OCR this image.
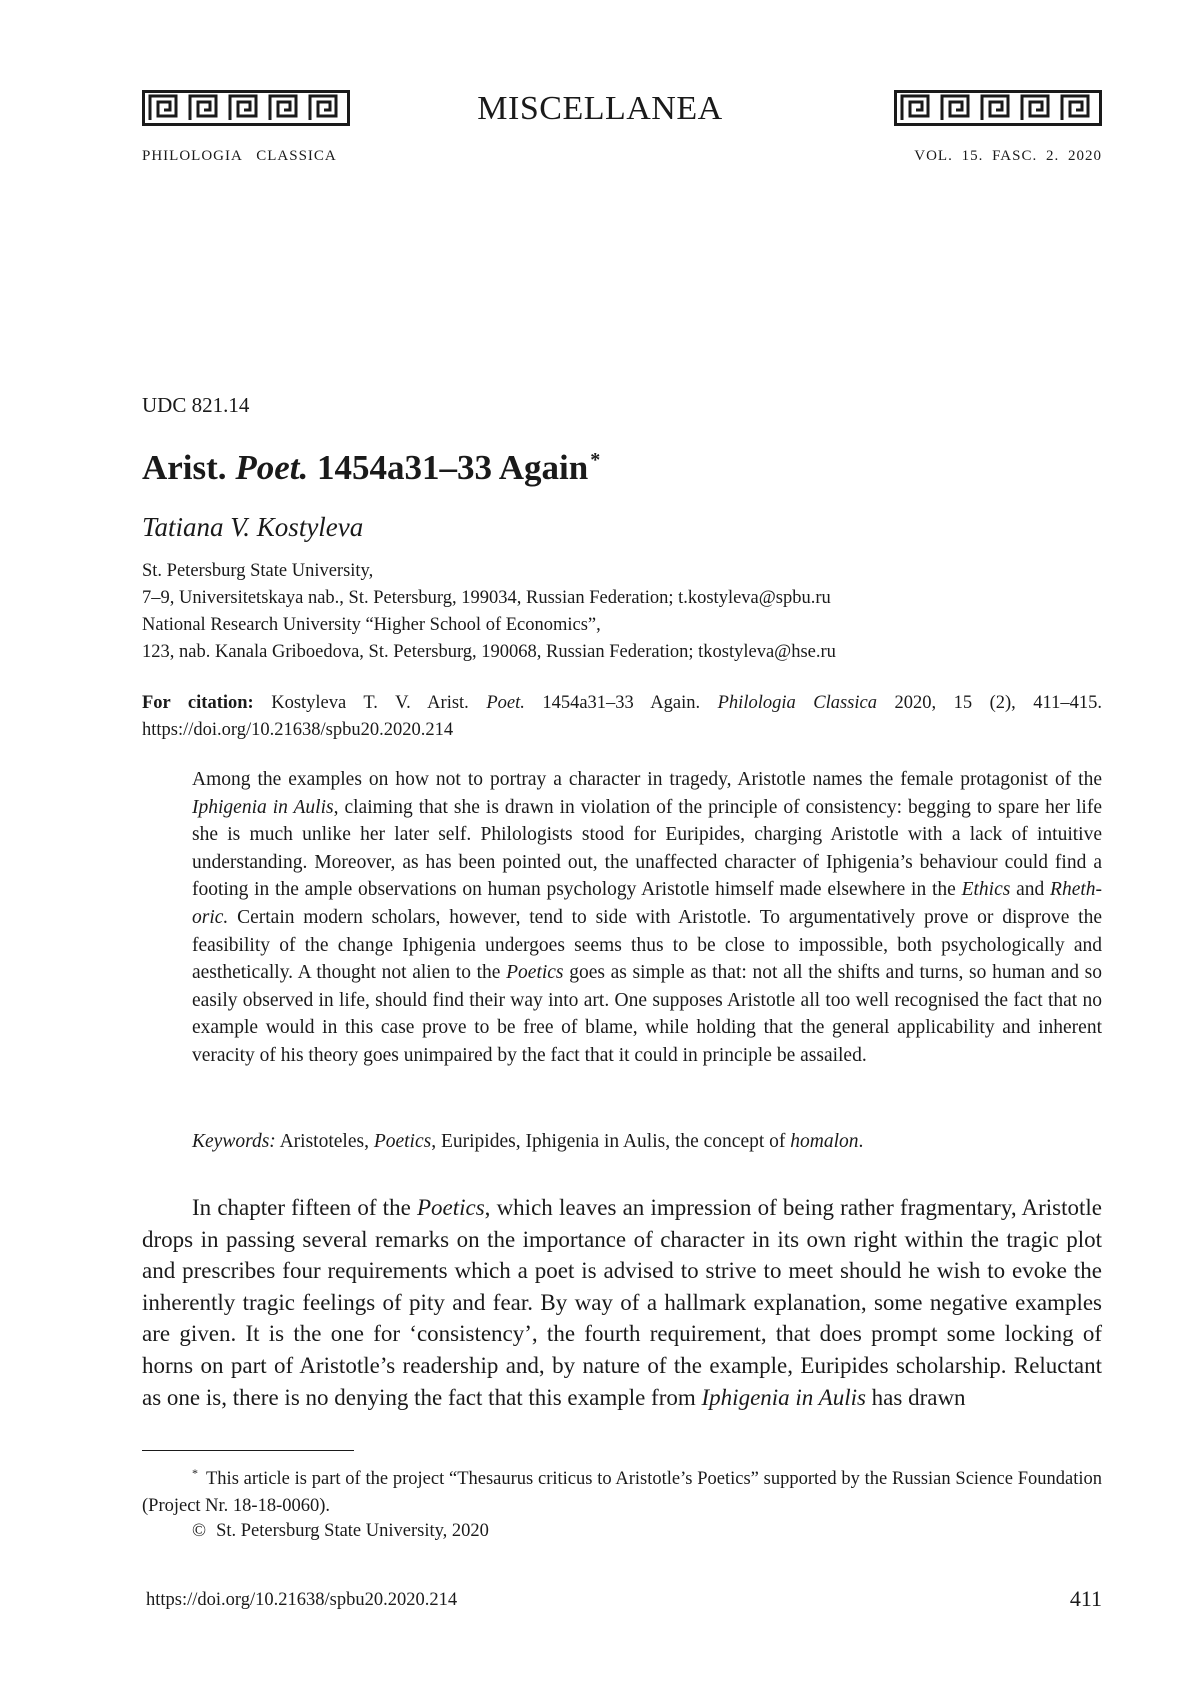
MISCELLANEA
PHILOLOGIA   CLASSICA	VOL. 15. FASC. 2. 2020
UDC 821.14
Arist. Poet. 1454a31–33 Again *
Tatiana V. Kostyleva
St. Petersburg State University,
7–9, Universitetskaya nab., St. Petersburg, 199034, Russian Federation; t.kostyleva@spbu.ru
National Research University “Higher School of Economics”,
123, nab. Kanala Griboedova, St. Petersburg, 190068, Russian Federation; tkostyleva@hse.ru
For citation: Kostyleva T. V. Arist. Poet. 1454a31–33 Again. Philologia Classica 2020, 15 (2), 411–415. https://doi.org/10.21638/spbu20.2020.214
Among the examples on how not to portray a character in tragedy, Aristotle names the female protagonist of the Iphigenia in Aulis, claiming that she is drawn in violation of the principle of consistency: begging to spare her life she is much unlike her later self. Philologists stood for Euripides, charging Aristotle with a lack of intuitive understanding. Moreover, as has been pointed out, the unaffected character of Iphigenia’s behaviour could find a footing in the ample observations on human psychology Aristotle himself made elsewhere in the Ethics and Rhethoric. Certain modern scholars, however, tend to side with Aristotle. To argumentatively prove or disprove the feasibility of the change Iphigenia undergoes seems thus to be close to impossible, both psychologically and aesthetically. A thought not alien to the Poetics goes as simple as that: not all the shifts and turns, so human and so easily observed in life, should find their way into art. One supposes Aristotle all too well recognised the fact that no example would in this case prove to be free of blame, while holding that the general applicability and inherent veracity of his theory goes unimpaired by the fact that it could in principle be assailed.
Keywords: Aristoteles, Poetics, Euripides, Iphigenia in Aulis, the concept of homalon.
In chapter fifteen of the Poetics, which leaves an impression of being rather fragmentary, Aristotle drops in passing several remarks on the importance of character in its own right within the tragic plot and prescribes four requirements which a poet is advised to strive to meet should he wish to evoke the inherently tragic feelings of pity and fear. By way of a hallmark explanation, some negative examples are given. It is the one for ‘consistency’, the fourth requirement, that does prompt some locking of horns on part of Aristotle’s readership and, by nature of the example, Euripides scholarship. Reluctant as one is, there is no denying the fact that this example from Iphigenia in Aulis has drawn
* This article is part of the project “Thesaurus criticus to Aristotle’s Poetics” supported by the Russian Science Foundation (Project Nr. 18-18-0060).
© St. Petersburg State University, 2020
https://doi.org/10.21638/spbu20.2020.214	411
